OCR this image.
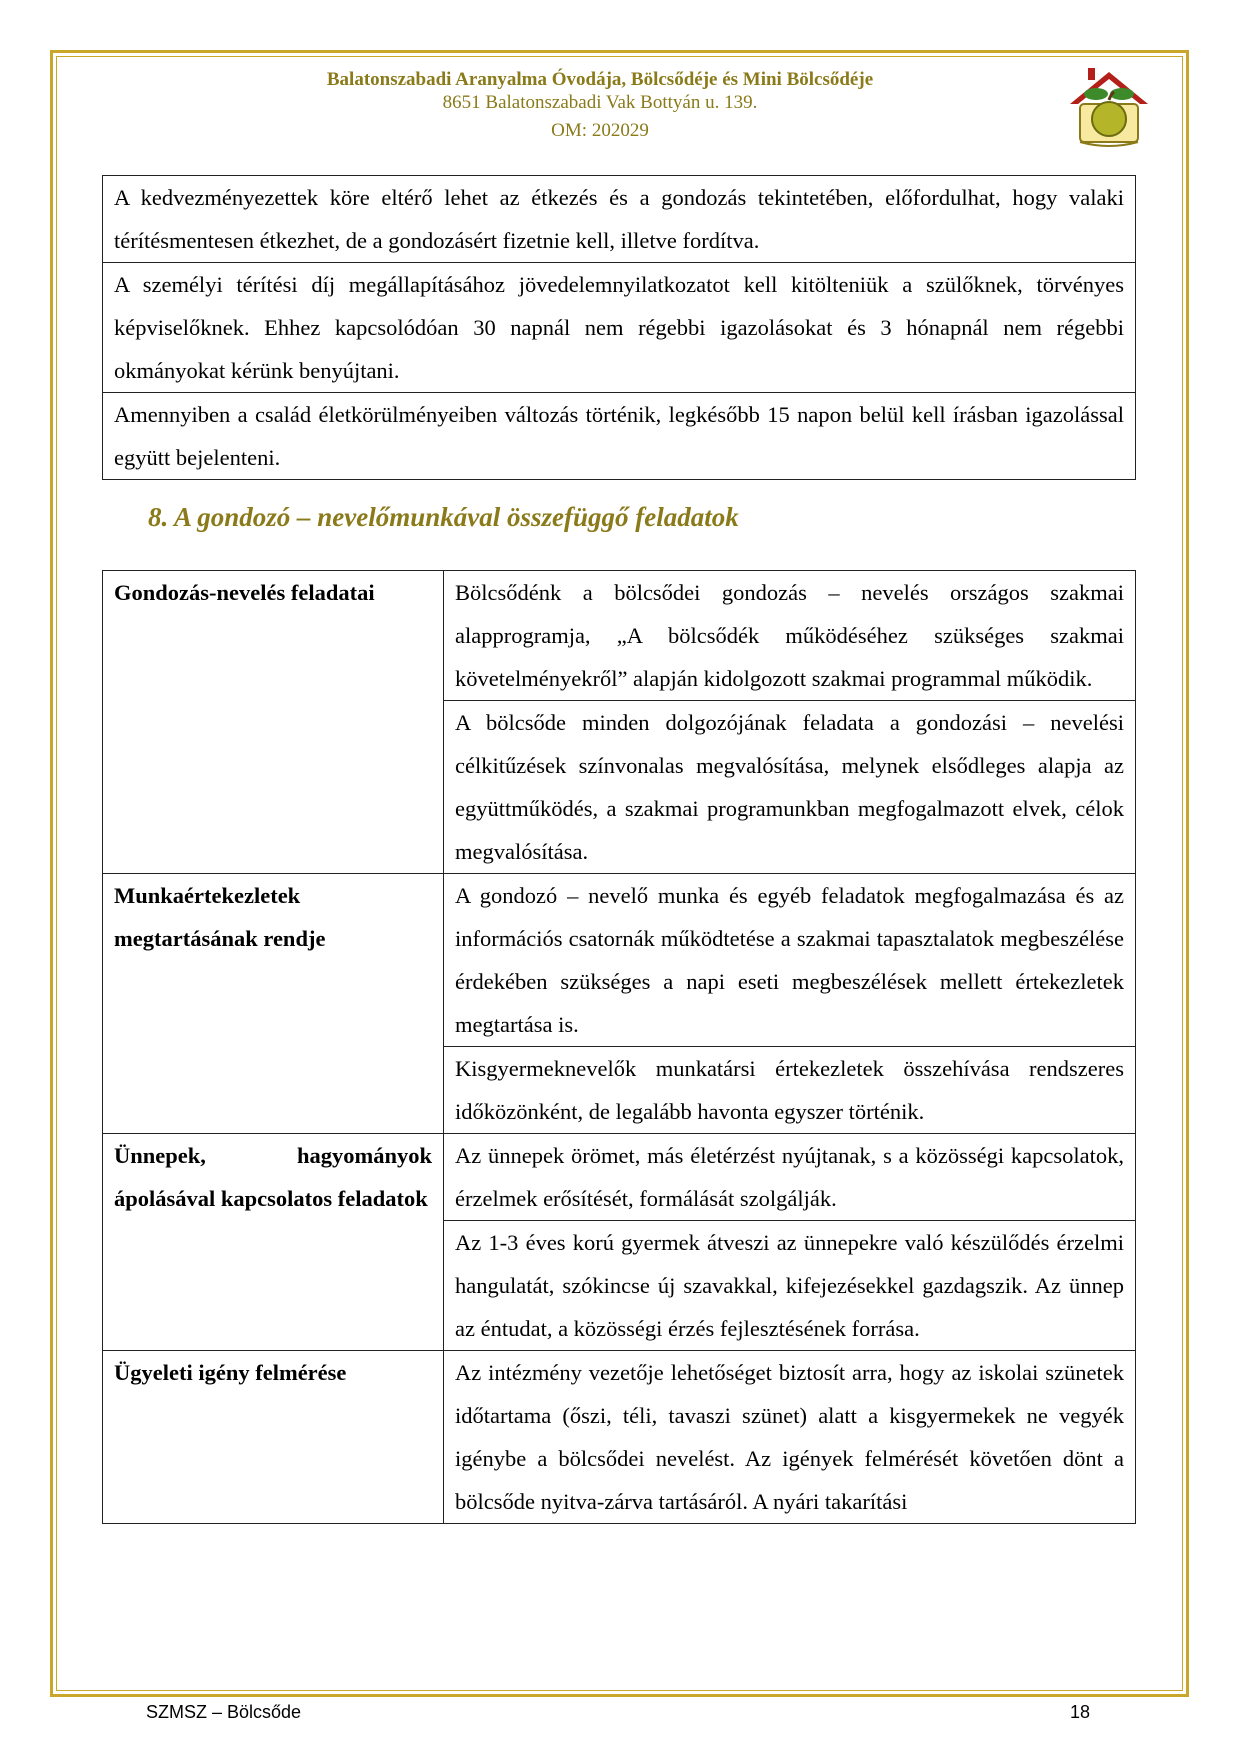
Balatonszabadi Aranyalma Óvodája, Bölcsődéje és Mini Bölcsődéje
8651 Balatonszabadi Vak Bottyán u. 139.
OM: 202029
A kedvezményezettek köre eltérő lehet az étkezés és a gondozás tekintetében, előfordulhat, hogy valaki térítésmentesen étkezhet, de a gondozásért fizetnie kell, illetve fordítva.
A személyi térítési díj megállapításához jövedelemnyilatkozatot kell kitölteniük a szülőknek, törvényes képviselőknek. Ehhez kapcsolódóan 30 napnál nem régebbi igazolásokat és 3 hónapnál nem régebbi okmányokat kérünk benyújtani.
Amennyiben a család életkörülményeiben változás történik, legkésőbb 15 napon belül kell írásban igazolással együtt bejelenteni.
8. A gondozó – nevelőmunkával összefüggő feladatok
Gondozás-nevelés feladatai	Bölcsődénk a bölcsődei gondozás – nevelés országos szakmai alapprogramja, „A bölcsődék működéséhez szükséges szakmai követelményekről” alapján kidolgozott szakmai programmal működik.
	A bölcsőde minden dolgozójának feladata a gondozási – nevelési célkitűzések színvonalas megvalósítása, melynek elsődleges alapja az együttműködés, a szakmai programunkban megfogalmazott elvek, célok megvalósítása.
Munkaértekezletek megtartásának rendje	A gondozó – nevelő munka és egyéb feladatok megfogalmazása és az információs csatornák működtetése a szakmai tapasztalatok megbeszélése érdekében szükséges a napi eseti megbeszélések mellett értekezletek megtartása is.
	Kisgyermeknevelők munkatársi értekezletek összehívása rendszeres időközönként, de legalább havonta egyszer történik.
Ünnepek, hagyományok ápolásával kapcsolatos feladatok	Az ünnepek örömet, más életérzést nyújtanak, s a közösségi kapcsolatok, érzelmek erősítését, formálását szolgálják.
	Az 1-3 éves korú gyermek átveszi az ünnepekre való készülődés érzelmi hangulatát, szókincse új szavakkal, kifejezésekkel gazdagszik. Az ünnep az éntudat, a közösségi érzés fejlesztésének forrása.
Ügyeleti igény felmérése	Az intézmény vezetője lehetőséget biztosít arra, hogy az iskolai szünetek időtartama (őszi, téli, tavaszi szünet) alatt a kisgyermekek ne vegyék igénybe a bölcsődei nevelést. Az igények felmérését követően dönt a bölcsőde nyitva-zárva tartásáról. A nyári takarítási
SZMSZ – Bölcsőde	18
